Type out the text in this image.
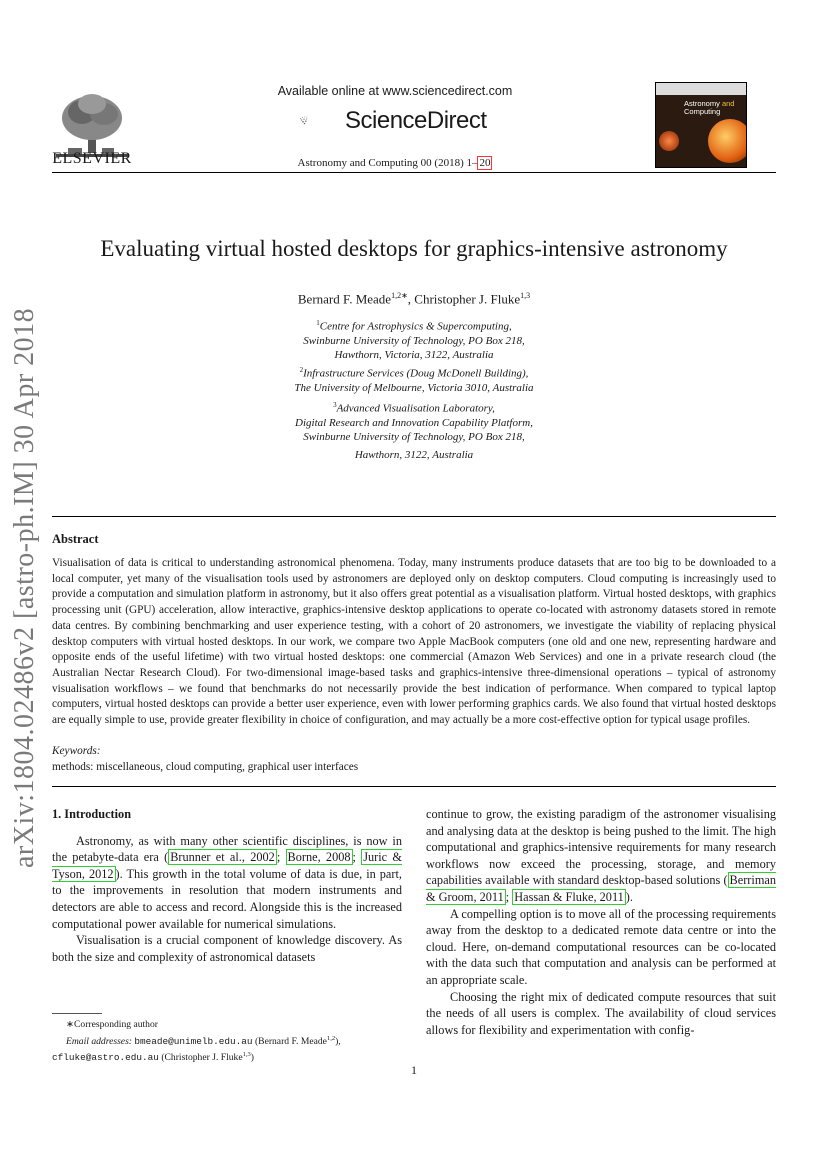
arXiv:1804.02486v2 [astro-ph.IM] 30 Apr 2018
ELSEVIER
Available online at www.sciencedirect.com
ScienceDirect
Astronomy and Computing 00 (2018) 1– 20
Astronomy and
Computing
Evaluating virtual hosted desktops for graphics-intensive astronomy
Bernard F. Meade$^{1,2∗}$, Christopher J. Fluke$^{1,3}$
$^1$Centre for Astrophysics & Supercomputing,
Swinburne University of Technology, PO Box 218,
Hawthorn, Victoria, 3122, Australia
$^2$Infrastructure Services (Doug McDonell Building),
The University of Melbourne, Victoria 3010, Australia
$^3$Advanced Visualisation Laboratory,
Digital Research and Innovation Capability Platform,
Swinburne University of Technology, PO Box 218,
Hawthorn, 3122, Australia
Abstract
Visualisation of data is critical to understanding astronomical phenomena. Today, many instruments produce datasets that are too big to be downloaded to a local computer, yet many of the visualisation tools used by astronomers are deployed only on desktop computers. Cloud computing is increasingly used to provide a computation and simulation platform in astronomy, but it also offers great potential as a visualisation platform. Virtual hosted desktops, with graphics processing unit (GPU) acceleration, allow interactive, graphics-intensive desktop applications to operate co-located with astronomy datasets stored in remote data centres. By combining benchmarking and user experience testing, with a cohort of 20 astronomers, we investigate the viability of replacing physical desktop computers with virtual hosted desktops. In our work, we compare two Apple MacBook computers (one old and one new, representing hardware and opposite ends of the useful lifetime) with two virtual hosted desktops: one commercial (Amazon Web Services) and one in a private research cloud (the Australian Nectar Research Cloud). For two-dimensional image-based tasks and graphics-intensive three-dimensional operations – typical of astronomy visualisation workflows – we found that benchmarks do not necessarily provide the best indication of performance. When compared to typical laptop computers, virtual hosted desktops can provide a better user experience, even with lower performing graphics cards. We also found that virtual hosted desktops are equally simple to use, provide greater flexibility in choice of configuration, and may actually be a more cost-effective option for typical usage profiles.
Keywords:
methods: miscellaneous, cloud computing, graphical user interfaces
1. Introduction

Astronomy, as with many other scientific disciplines, is now in the petabyte-data era ( Brunner et al., 2002 ; Borne, 2008 ; Juric & Tyson, 2012 ). This growth in the total volume of data is due, in part, to the improvements in resolution that modern instruments and detectors are able to access and record. Alongside this is the increased computational power available for numerical simulations.

Visualisation is a crucial component of knowledge discovery. As both the size and complexity of astronomical datasets

∗Corresponding author
Email addresses: bmeade@unimelb.edu.au (Bernard F. Meade$^{1,2}$),
cfluke@astro.edu.au (Christopher J. Fluke$^{1,3}$)

continue to grow, the existing paradigm of the astronomer visualising and analysing data at the desktop is being pushed to the limit. The high computational and graphics-intensive requirements for many research workflows now exceed the processing, storage, and memory capabilities available with standard desktop-based solutions ( Berriman & Groom, 2011 ; Hassan & Fluke, 2011 ).

A compelling option is to move all of the processing requirements away from the desktop to a dedicated remote data centre or into the cloud. Here, on-demand computational resources can be co-located with the data such that computation and analysis can be performed at an appropriate scale.

Choosing the right mix of dedicated compute resources that suit the needs of all users is complex. The availability of cloud services allows for flexibility and experimentation with config-

1
